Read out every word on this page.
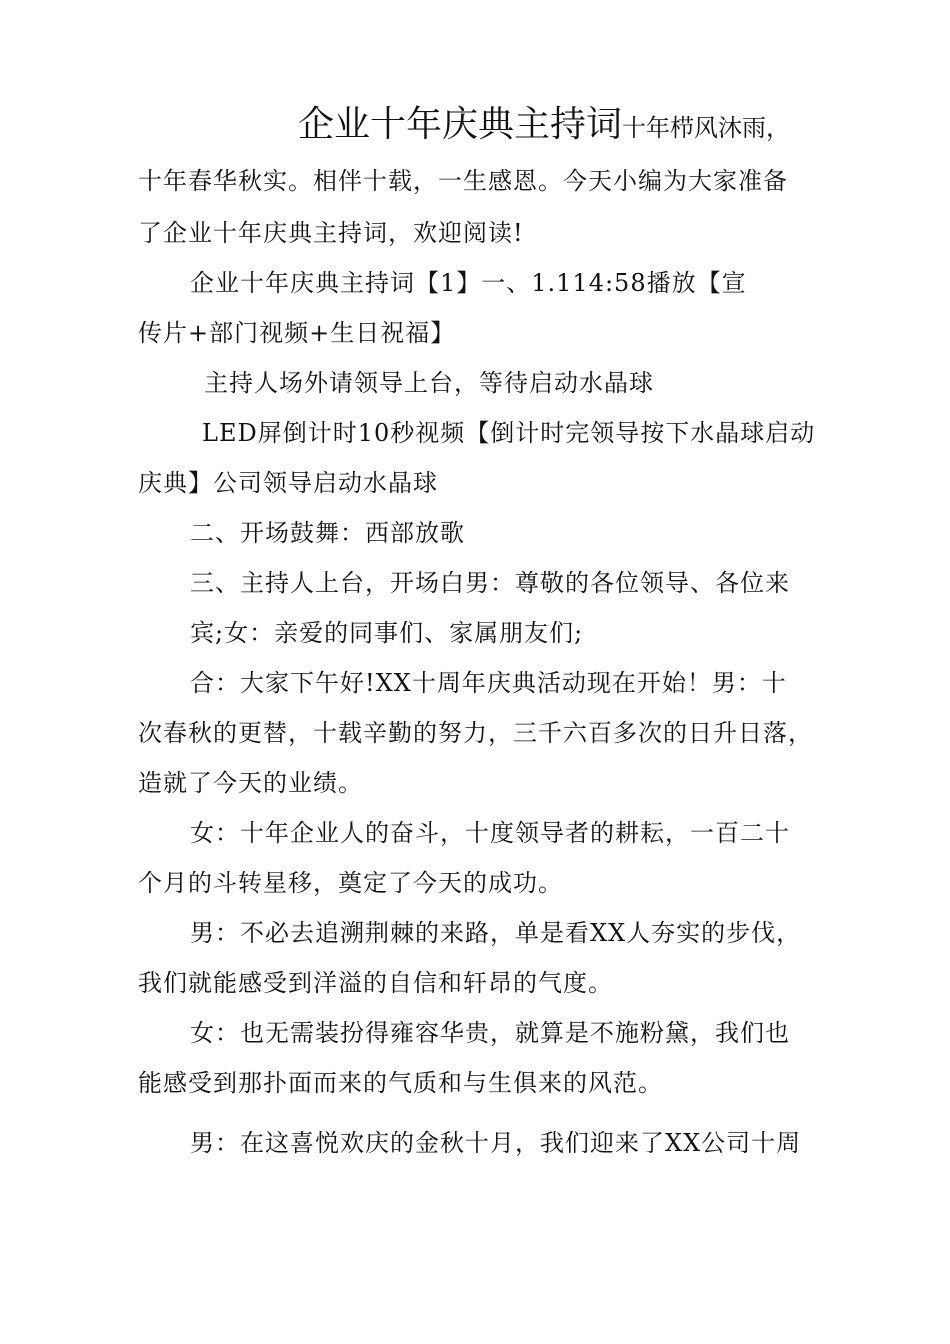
企业十年庆典主持词十年栉风沐雨，
十年春华秋实。相伴十载，一生感恩。今天小编为大家准备
了企业十年庆典主持词，欢迎阅读!
企业十年庆典主持词【1】一、1.114:58播放【宣
传片+部门视频+生日祝福】
主持人场外请领导上台，等待启动水晶球
LED屏倒计时10秒视频【倒计时完领导按下水晶球启动
庆典】公司领导启动水晶球
二、开场鼓舞：西部放歌
三、主持人上台，开场白男：尊敬的各位领导、各位来
宾;女：亲爱的同事们、家属朋友们;
合：大家下午好!XX十周年庆典活动现在开始！男：十
次春秋的更替，十载辛勤的努力，三千六百多次的日升日落，
造就了今天的业绩。
女：十年企业人的奋斗，十度领导者的耕耘，一百二十
个月的斗转星移，奠定了今天的成功。
男：不必去追溯荆棘的来路，单是看XX人夯实的步伐，
我们就能感受到洋溢的自信和轩昂的气度。
女：也无需装扮得雍容华贵，就算是不施粉黛，我们也
能感受到那扑面而来的气质和与生俱来的风范。
男：在这喜悦欢庆的金秋十月，我们迎来了XX公司十周
